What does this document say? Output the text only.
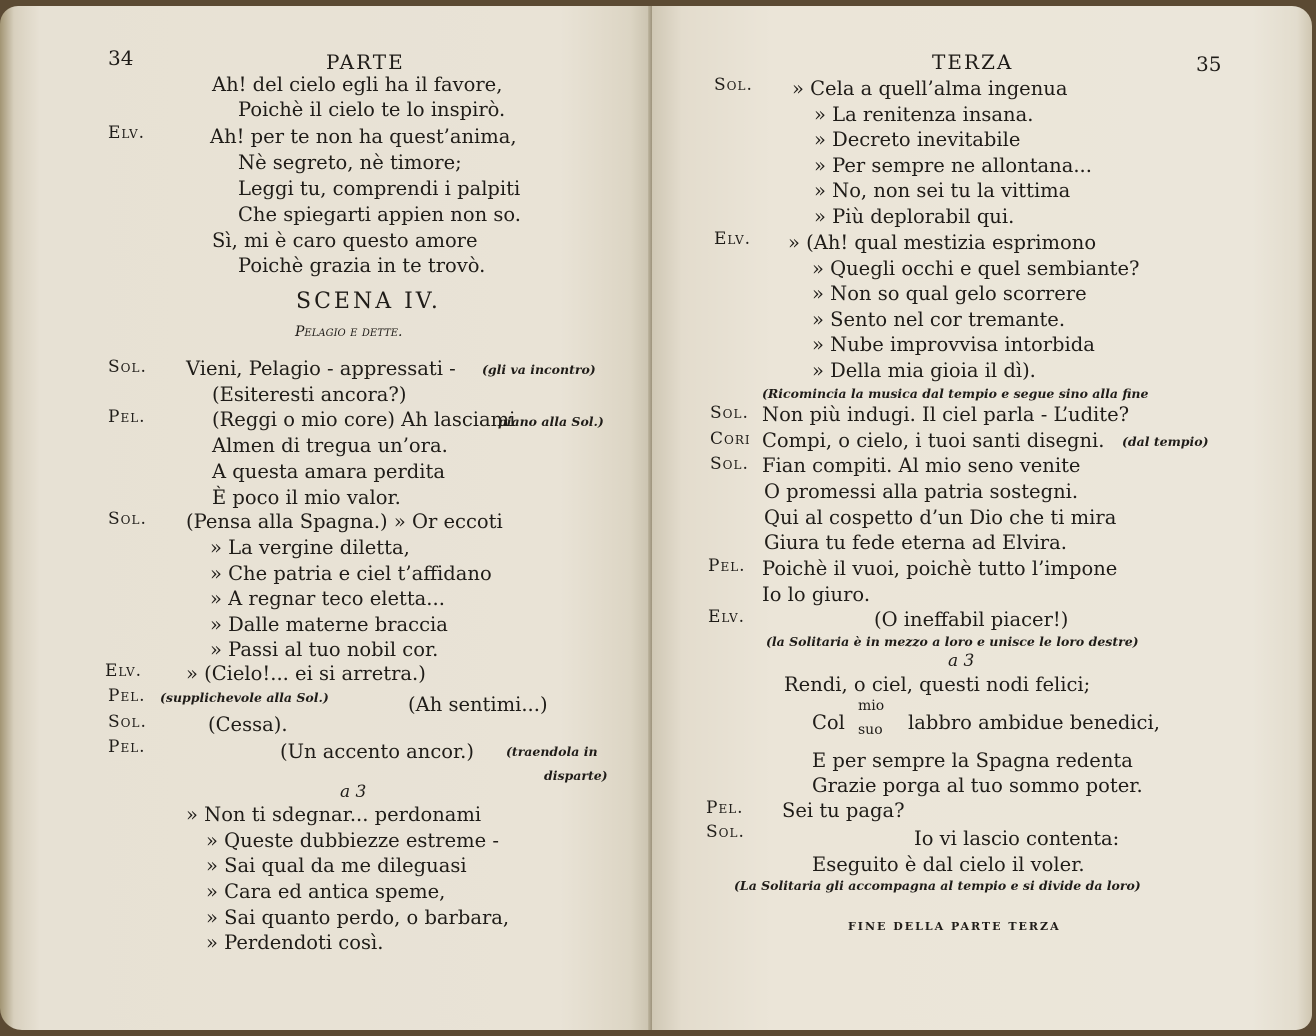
34	PARTE
Ah! del cielo egli ha il favore,
Poichè il cielo te lo inspirò.
Elv.	Ah! per te non ha quest’anima,
Nè segreto, nè timore;
Leggi tu, comprendi i palpiti
Che spiegarti appien non so.
Sì, mi è caro questo amore
Poichè grazia in te trovò.
SCENA IV.
Pelagio e dette.
Sol. Vieni, Pelagio - appressati - (gli va incontro)
(Esiteresti ancora?)
Pel.	(Reggi o mio core) Ah lasciami
piano alla Sol.)
Almen di tregua un’ora.
A questa amara perdita
È poco il mio valor.
Sol. (Pensa alla Spagna.) » Or eccoti
» La vergine diletta,
» Che patria e ciel t’affidano
» A regnar teco eletta...
» Dalle materne braccia
» Passi al tuo nobil cor.
Elv. » (Cielo!... ei si arretra.)
Pel. (supplichevole alla Sol.)	(Ah sentimi...)
Sol.	(Cessa).
Pel.	(Un accento ancor.)	(traendola in
disparte)
a 3
» Non ti sdegnar... perdonami
» Queste dubbiezze estreme -
» Sai qual da me dileguasi
» Cara ed antica speme,
» Sai quanto perdo, o barbara,
» Perdendoti così.
TERZA	35
Sol. » Cela a quell’alma ingenua
» La renitenza insana.
» Decreto inevitabile
» Per sempre ne allontana...
» No, non sei tu la vittima
» Più deplorabil qui.
Elv. » (Ah! qual mestizia esprimono
» Quegli occhi e quel sembiante?
» Non so qual gelo scorrere
» Sento nel cor tremante.
» Nube improvvisa intorbida
» Della mia gioia il dì).
(Ricomincia la musica dal tempio e segue sino alla fine
Sol. Non più indugi. Il ciel parla - L’udite?
Cori Compi, o cielo, i tuoi santi disegni. (dal tempio)
Sol. Fian compiti. Al mio seno venite
O promessi alla patria sostegni.
Qui al cospetto d’un Dio che ti mira
Giura tu fede eterna ad Elvira.
Pel. Poichè il vuoi, poichè tutto l’impone
Io lo giuro.
Elv.	(O ineffabil piacer!)
(la Solitaria è in mezzo a loro e unisce le loro destre)
a 3
Rendi, o ciel, questi nodi felici;
Col
mio
suo labbro ambidue benedici,
E per sempre la Spagna redenta
Grazie porga al tuo sommo poter.
Pel. Sei tu paga?
Sol.	Io vi lascio contenta:
Eseguito è dal cielo il voler.
(La Solitaria gli accompagna al tempio e si divide da loro)
FINE DELLA PARTE TERZA
